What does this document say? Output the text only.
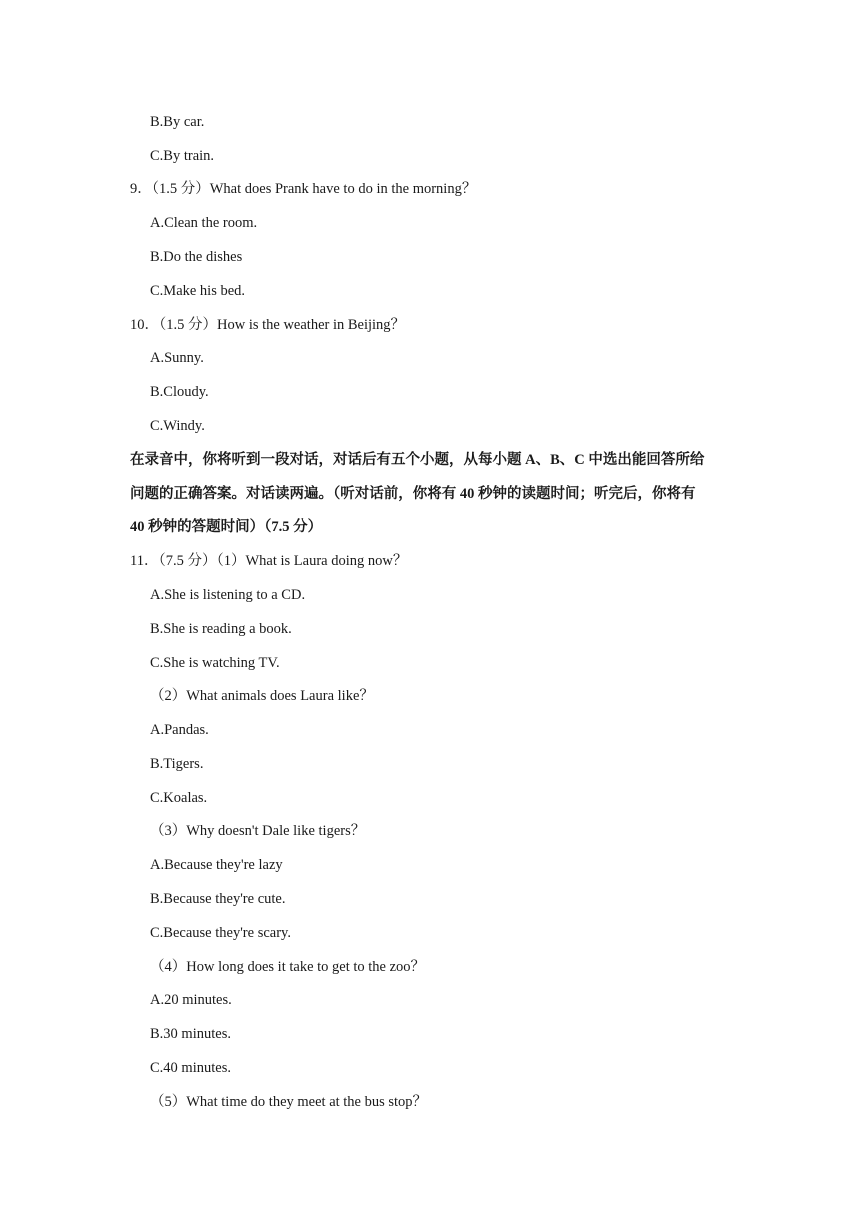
B.By car.
C.By train.
9．（1.5 分）What does Prank have to do in the morning？
A.Clean the room.
B.Do the dishes
C.Make his bed.
10．（1.5 分）How is the weather in Beijing？
A.Sunny.
B.Cloudy.
C.Windy.
在录音中，你将听到一段对话，对话后有五个小题，从每小题 A、B、C 中选出能回答所给
问题的正确答案。对话读两遍。（听对话前，你将有 40 秒钟的读题时间；听完后，你将有
40 秒钟的答题时间）（7.5 分）
11．（7.5 分）（1）What is Laura doing now？
A.She is listening to a CD.
B.She is reading a book.
C.She is watching TV.
（2）What animals does Laura like？
A.Pandas.
B.Tigers.
C.Koalas.
（3）Why doesn't Dale like tigers？
A.Because they're lazy
B.Because they're cute.
C.Because they're scary.
（4）How long does it take to get to the zoo？
A.20 minutes.
B.30 minutes.
C.40 minutes.
（5）What time do they meet at the bus stop？
